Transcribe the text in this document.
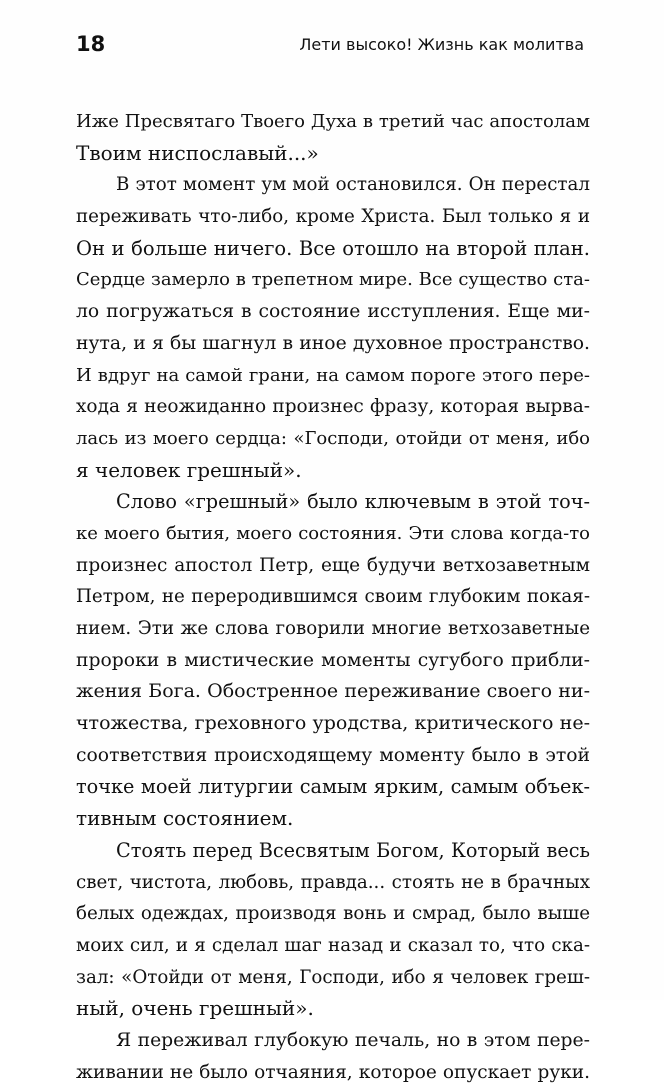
18	Лети высоко! Жизнь как молитва
Иже Пресвятаго Твоего Духа в третий час апостолам
Твоим ниспославый...»
В этот момент ум мой остановился. Он перестал
переживать что-либо, кроме Христа. Был только я и
Он и больше ничего. Все отошло на второй план.
Сердце замерло в трепетном мире. Все существо ста-
ло погружаться в состояние исступления. Еще ми-
нута, и я бы шагнул в иное духовное пространство.
И вдруг на самой грани, на самом пороге этого пере-
хода я неожиданно произнес фразу, которая вырва-
лась из моего сердца: «Господи, отойди от меня, ибо
я человек грешный».
Слово «грешный» было ключевым в этой точ-
ке моего бытия, моего состояния. Эти слова когда-то
произнес апостол Петр, еще будучи ветхозаветным
Петром, не переродившимся своим глубоким покая-
нием. Эти же слова говорили многие ветхозаветные
пророки в мистические моменты сугубого прибли-
жения Бога. Обостренное переживание своего ни-
чтожества, греховного уродства, критического не-
соответствия происходящему моменту было в этой
точке моей литургии самым ярким, самым объек-
тивным состоянием.
Стоять перед Всесвятым Богом, Который весь
свет, чистота, любовь, правда... стоять не в брачных
белых одеждах, производя вонь и смрад, было выше
моих сил, и я сделал шаг назад и сказал то, что ска-
зал: «Отойди от меня, Господи, ибо я человек греш-
ный, очень грешный».
Я переживал глубокую печаль, но в этом пере-
живании не было отчаяния, которое опускает руки.
